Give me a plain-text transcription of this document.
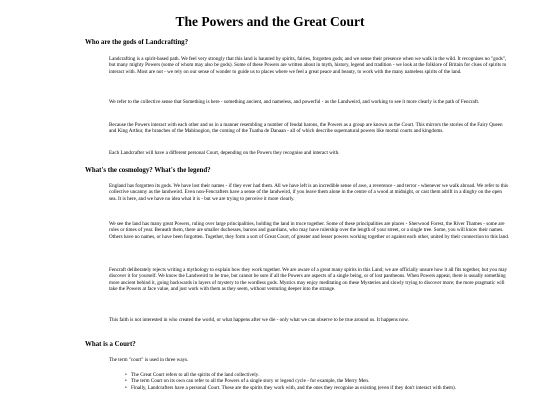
The Powers and the Great Court
Who are the gods of Landcrafting?

Landcrafting is a spirit-based path. We feel very strongly that this land is haunted by spirits, fairies, forgotten gods; and we sense their presence when we walk in the wild. It recognises no "gods", but many mighty Powers (some of whom may also be gods). Some of these Powers are written about in myth, history, legend and tradition - we look at the folklore of Britain for clues of spirits to interact with. Most are not - we rely on our sense of wonder to guide us to places where we feel a great peace and beauty, to work with the many nameless spirits of the land.

We refer to the collective sense that Something is here - something ancient, and nameless, and powerful - as the Landweird, and working to see it more clearly is the path of Fencraft.

Because the Powers interact with each other and us in a manner resembling a number of feudal barons, the Powers as a group are known as the Court. This mirrors the stories of the Fairy Queen and King Arthur, the branches of the Mabinogion, the coming of the Tuatha de Danaan - all of which describe supernatural powers like mortal courts and kingdoms.

Each Landcrafter will have a different personal Court, depending on the Powers they recognise and interact with.

What's the cosmology? What's the legend?

England has forgotten its gods. We have lost their names - if they ever had them. All we have left is an incredible sense of awe, a reverence - and terror - whenever we walk abroad. We refer to this collective uncanny as the landweird. Even non-Fencrafters have a sense of the landweird, if you leave them alone in the centre of a wood at midnight, or cast them adrift in a dinghy on the open sea. It is here, and we have no idea what it is - but we are trying to perceive it more clearly.

We see the land has many great Powers, ruling over large principalities, holding the land in truce together. Some of these principalities are places - Sherwood Forest, the River Thames - some are roles or times of year. Beneath them, there are smaller duchesses, barons and guardians, who may have rulership over the length of your street, or a single tree. Some, you will know their names. Others have no names, or have been forgotten. Together, they form a sort of Great Court, of greater and lesser powers working together or against each other, united by their connection to this land.

Fencraft deliberately rejects writing a mythology to explain how they work together. We are aware of a great many spirits in this Land; we are officially unsure how it all fits together, but you may discover it for yourself. We know the Landweird to be true, but cannot be sure if all the Powers are aspects of a single being, or of lost pantheons. When Powers appear, there is usually something more ancient behind it, going backwards in layers of mystery to the wordless gods. Mystics may enjoy meditating on these Mysteries and slowly trying to discover more; the more pragmatic will take the Powers at face value, and just work with them as they seem, without venturing deeper into the strange.

This faith is not interested in who created the world, or what happens after we die - only what we can observe to be true around us. It happens now.

What is a Court?

The term "court" is used in three ways.

• The Great Court refers to all the spirits of the land collectively.
• The term Court on its own can refer to all the Powers of a single story or legend cycle - for example, the Merry Men.
• Finally, Landcrafters have a personal Court. These are the spirits they work with, and the ones they recognise as existing (even if they don't interact with them).
